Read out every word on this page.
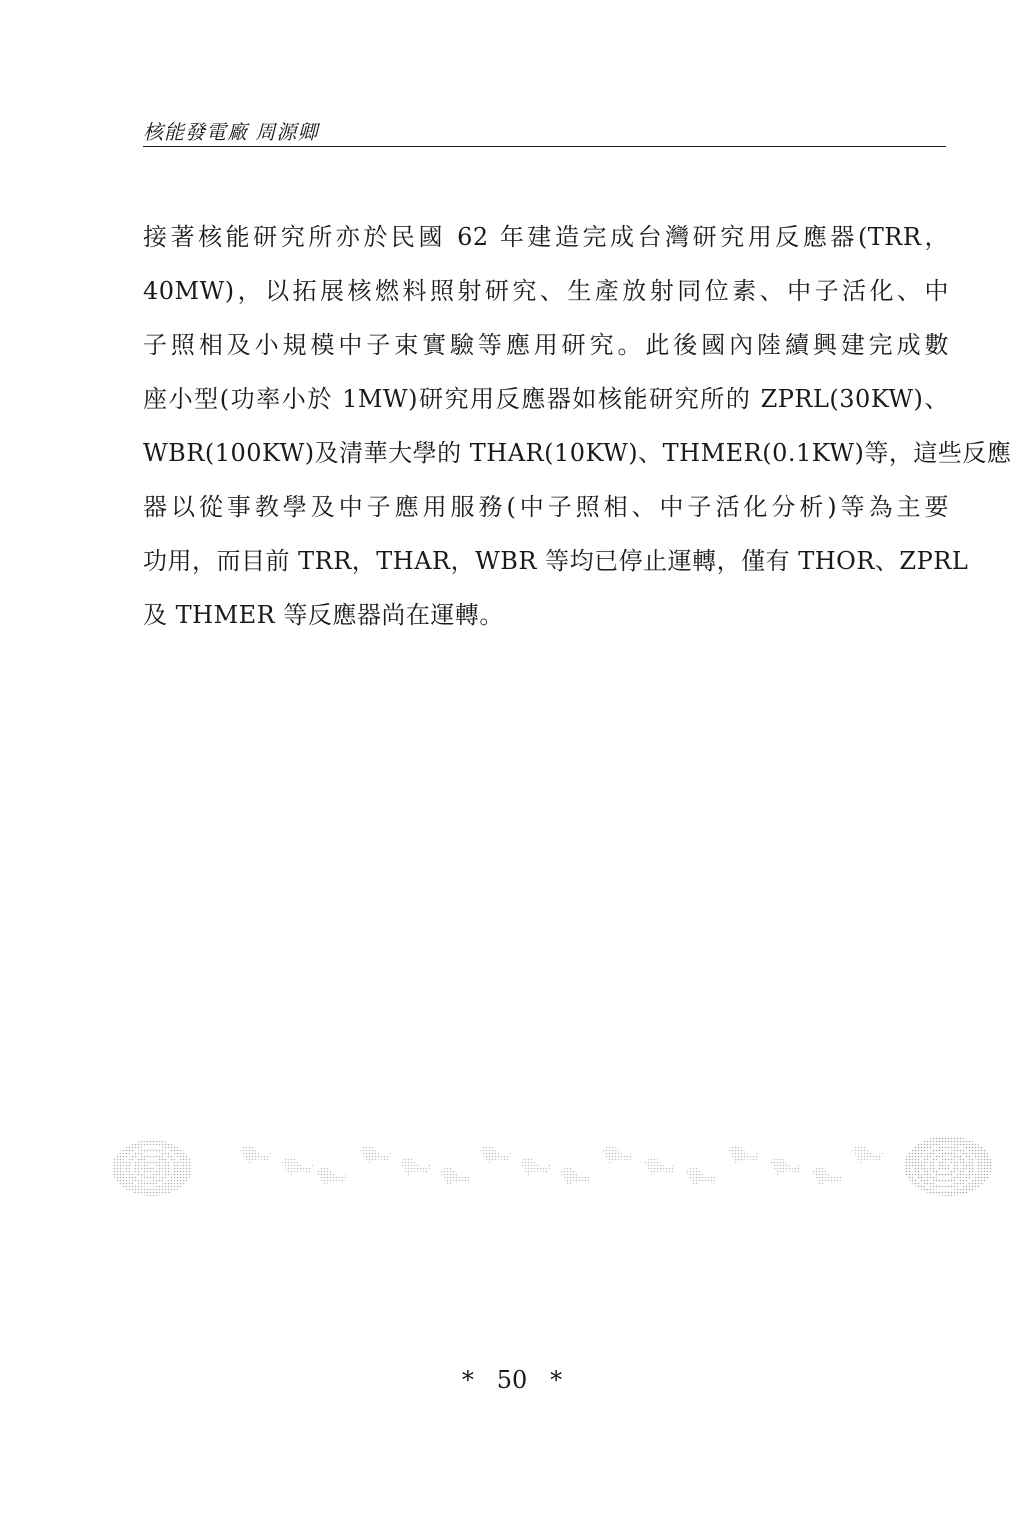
核能發電廠 周源卿
接著核能研究所亦於民國 62 年建造完成台灣研究用反應器(TRR，
40MW)，以拓展核燃料照射研究、生產放射同位素、中子活化、中
子照相及小規模中子束實驗等應用研究。此後國內陸續興建完成數
座小型(功率小於 1MW)研究用反應器如核能研究所的 ZPRL(30KW)、
WBR(100KW)及清華大學的 THAR(10KW)、THMER(0.1KW)等，這些反應
器以從事教學及中子應用服務(中子照相、中子活化分析)等為主要
功用，而目前 TRR，THAR，WBR 等均已停止運轉，僅有 THOR、ZPRL
及 THMER 等反應器尚在運轉。
*   50   *
